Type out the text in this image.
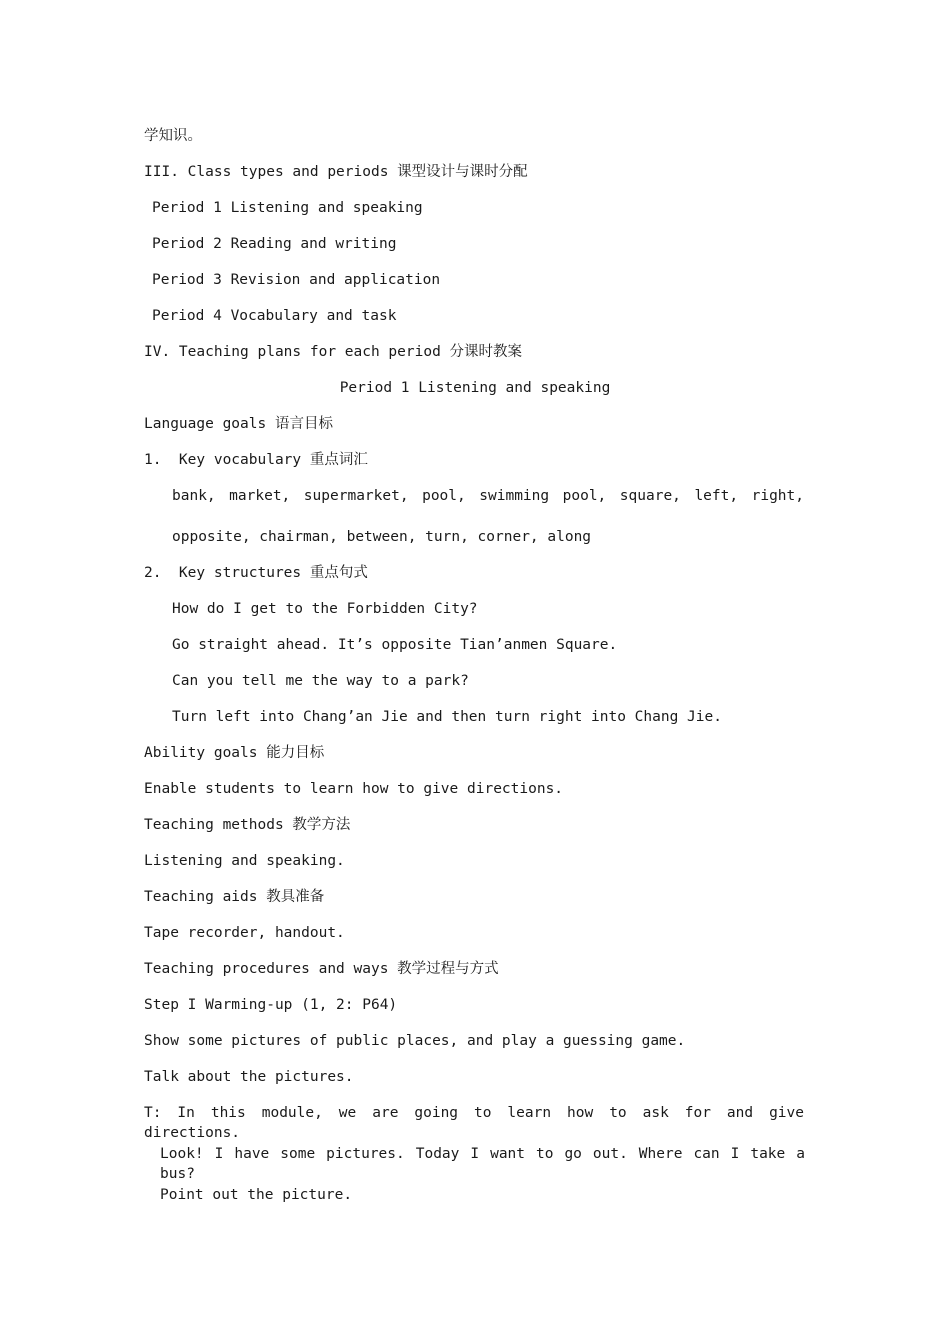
学知识。
III. Class types and periods 课型设计与课时分配
Period 1 Listening and speaking
Period 2 Reading and writing
Period 3 Revision and application
Period 4 Vocabulary and task
IV. Teaching plans for each period 分课时教案
Period 1 Listening and speaking
Language goals 语言目标
1.  Key vocabulary 重点词汇
bank, market, supermarket, pool, swimming pool, square, left, right,
opposite, chairman, between, turn, corner, along
2.  Key structures 重点句式
How do I get to the Forbidden City?
Go straight ahead. It’s opposite Tian’anmen Square.
Can you tell me the way to a park?
Turn left into Chang’an Jie and then turn right into Chang Jie.
Ability goals 能力目标
Enable students to learn how to give directions.
Teaching methods 教学方法
Listening and speaking.
Teaching aids 教具准备
Tape recorder, handout.
Teaching procedures and ways 教学过程与方式
Step I Warming-up (1, 2: P64)
Show some pictures of public places, and play a guessing game.
Talk about the pictures.
T: In this module, we are going to learn how to ask for and give directions.
Look! I have some pictures. Today I want to go out. Where can I take a bus?
Point out the picture.
